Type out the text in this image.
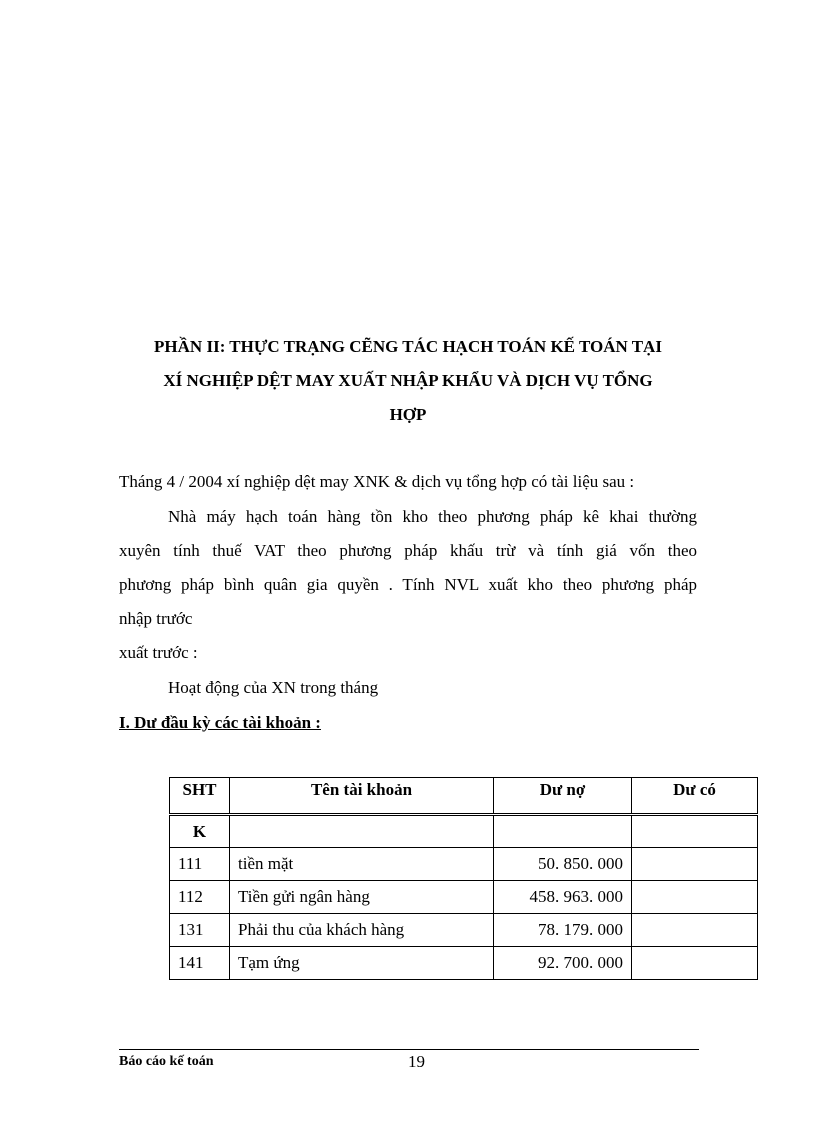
PHẦN II: THỰC TRẠNG CẼNG TÁC HẠCH TOÁN KẾ TOÁN TẠI
XÍ NGHIỆP DỆT MAY XUẤT NHẬP KHẨU VÀ DỊCH VỤ TỔNG
HỢP
Tháng 4 / 2004 xí nghiệp dệt may XNK & dịch vụ tổng hợp có tài liệu sau :
Nhà máy hạch toán hàng tồn kho theo phương pháp kê khai thường
xuyên tính thuế VAT theo phương pháp khấu trừ và tính giá vốn theo
phương pháp bình quân gia quyền . Tính NVL xuất kho theo phương pháp
nhập trước
xuất trước :
Hoạt động của XN trong tháng
I. Dư đầu kỳ các tài khoản :
SHT	Tên tài khoản	Dư nợ	Dư có
K			
111	tiền mặt	50. 850. 000	
112	Tiền gửi ngân hàng	458. 963. 000	
131	Phải thu của khách hàng	78. 179. 000	
141	Tạm ứng	92. 700. 000	
Báo cáo kế toán	19
